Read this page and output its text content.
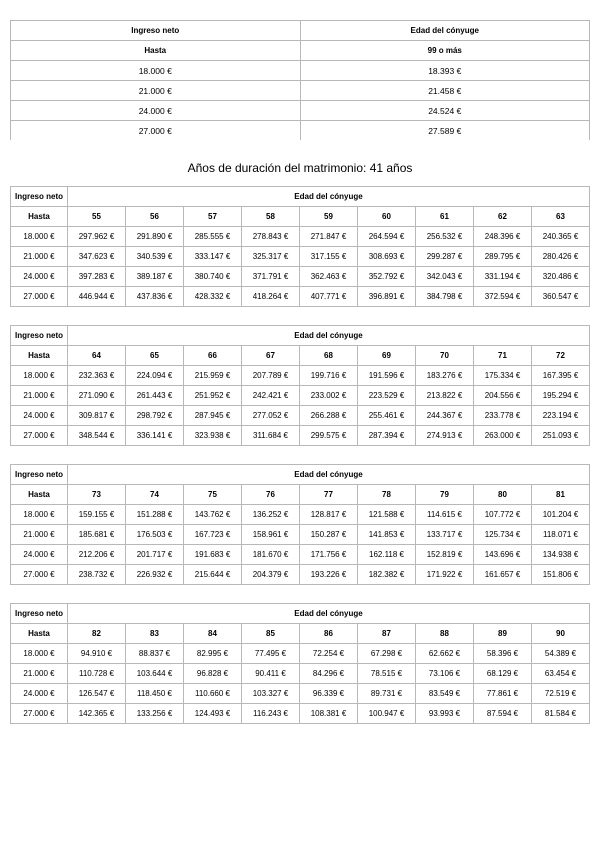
Ingreso neto	Edad del cónyuge
Hasta	99 o más
18.000 €	18.393 €
21.000 €	21.458 €
24.000 €	24.524 €
27.000 €	27.589 €
Años de duración del matrimonio: 41 años
Ingreso neto	Edad del cónyuge								
Hasta	55	56	57	58	59	60	61	62	63
18.000 €	297.962 €	291.890 €	285.555 €	278.843 €	271.847 €	264.594 €	256.532 €	248.396 €	240.365 €
21.000 €	347.623 €	340.539 €	333.147 €	325.317 €	317.155 €	308.693 €	299.287 €	289.795 €	280.426 €
24.000 €	397.283 €	389.187 €	380.740 €	371.791 €	362.463 €	352.792 €	342.043 €	331.194 €	320.486 €
27.000 €	446.944 €	437.836 €	428.332 €	418.264 €	407.771 €	396.891 €	384.798 €	372.594 €	360.547 €
Ingreso neto	Edad del cónyuge								
Hasta	64	65	66	67	68	69	70	71	72
18.000 €	232.363 €	224.094 €	215.959 €	207.789 €	199.716 €	191.596 €	183.276 €	175.334 €	167.395 €
21.000 €	271.090 €	261.443 €	251.952 €	242.421 €	233.002 €	223.529 €	213.822 €	204.556 €	195.294 €
24.000 €	309.817 €	298.792 €	287.945 €	277.052 €	266.288 €	255.461 €	244.367 €	233.778 €	223.194 €
27.000 €	348.544 €	336.141 €	323.938 €	311.684 €	299.575 €	287.394 €	274.913 €	263.000 €	251.093 €
Ingreso neto	Edad del cónyuge								
Hasta	73	74	75	76	77	78	79	80	81
18.000 €	159.155 €	151.288 €	143.762 €	136.252 €	128.817 €	121.588 €	114.615 €	107.772 €	101.204 €
21.000 €	185.681 €	176.503 €	167.723 €	158.961 €	150.287 €	141.853 €	133.717 €	125.734 €	118.071 €
24.000 €	212.206 €	201.717 €	191.683 €	181.670 €	171.756 €	162.118 €	152.819 €	143.696 €	134.938 €
27.000 €	238.732 €	226.932 €	215.644 €	204.379 €	193.226 €	182.382 €	171.922 €	161.657 €	151.806 €
Ingreso neto	Edad del cónyuge								
Hasta	82	83	84	85	86	87	88	89	90
18.000 €	94.910 €	88.837 €	82.995 €	77.495 €	72.254 €	67.298 €	62.662 €	58.396 €	54.389 €
21.000 €	110.728 €	103.644 €	96.828 €	90.411 €	84.296 €	78.515 €	73.106 €	68.129 €	63.454 €
24.000 €	126.547 €	118.450 €	110.660 €	103.327 €	96.339 €	89.731 €	83.549 €	77.861 €	72.519 €
27.000 €	142.365 €	133.256 €	124.493 €	116.243 €	108.381 €	100.947 €	93.993 €	87.594 €	81.584 €
